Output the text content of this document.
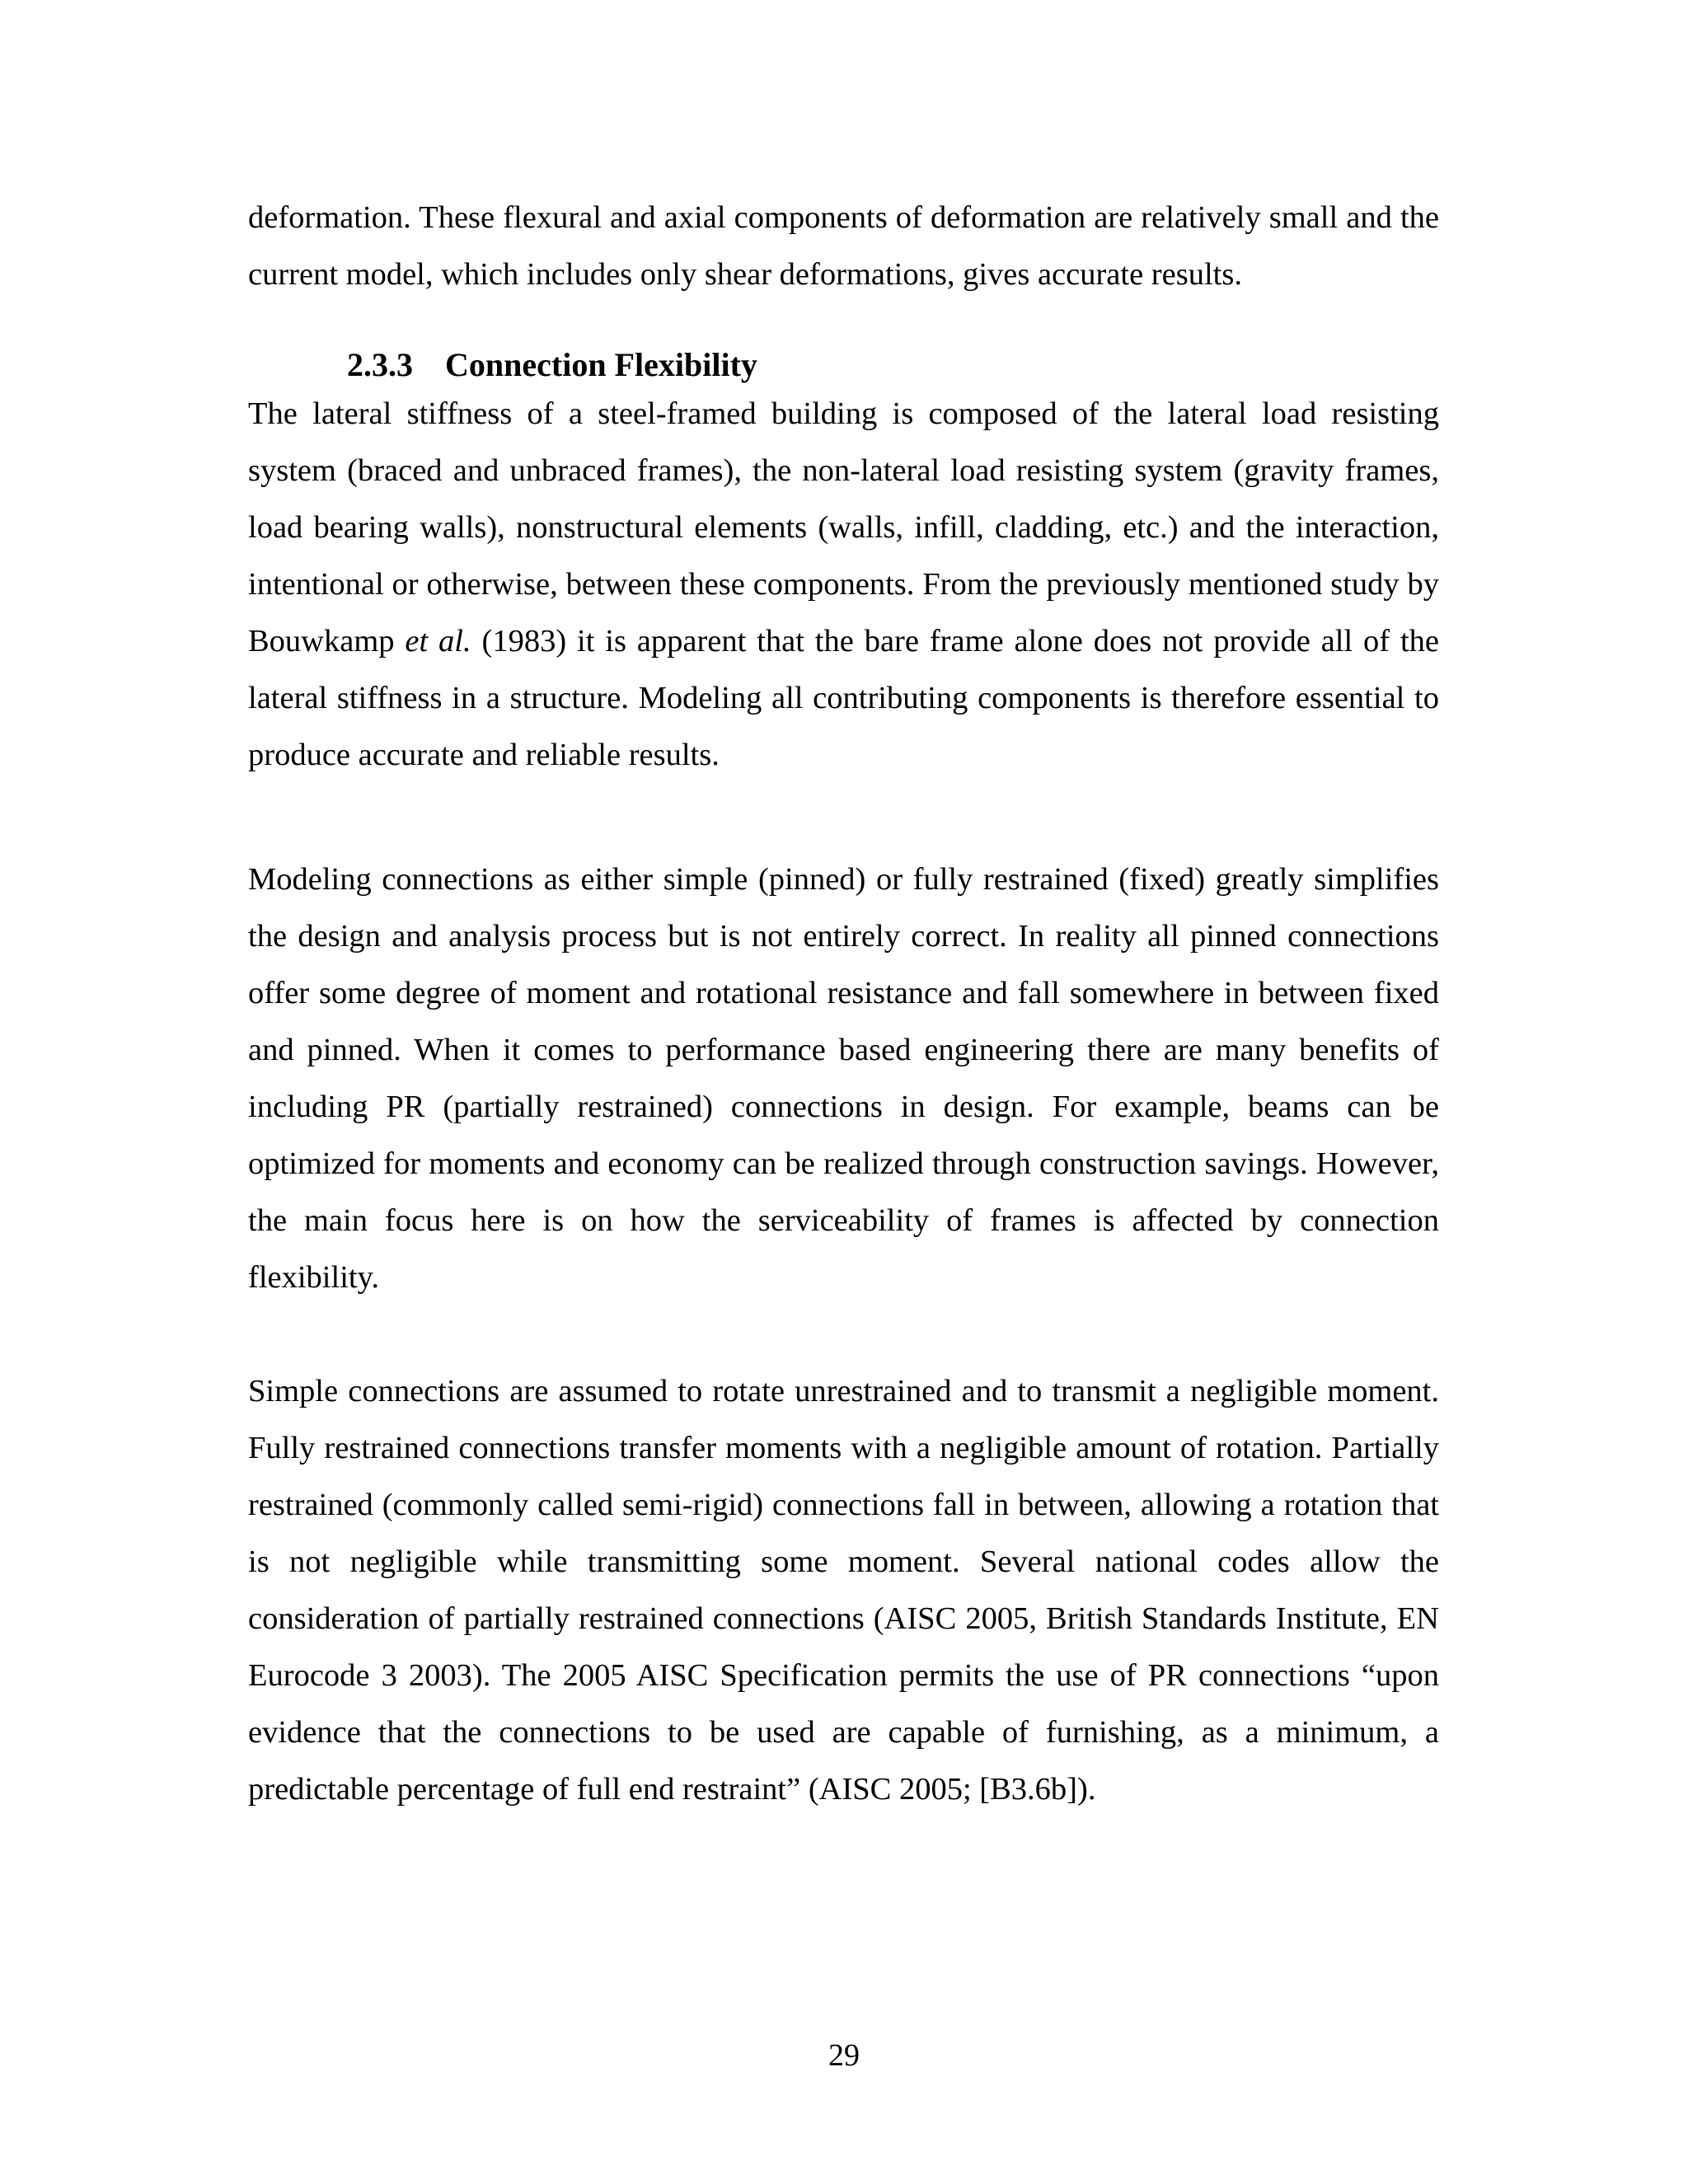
deformation. These flexural and axial components of deformation are relatively small and the current model, which includes only shear deformations, gives accurate results.

2.3.3 Connection Flexibility

The lateral stiffness of a steel-framed building is composed of the lateral load resisting system (braced and unbraced frames), the non-lateral load resisting system (gravity frames, load bearing walls), nonstructural elements (walls, infill, cladding, etc.) and the interaction, intentional or otherwise, between these components. From the previously mentioned study by Bouwkamp et al. (1983) it is apparent that the bare frame alone does not provide all of the lateral stiffness in a structure. Modeling all contributing components is therefore essential to produce accurate and reliable results.

Modeling connections as either simple (pinned) or fully restrained (fixed) greatly simplifies the design and analysis process but is not entirely correct. In reality all pinned connections offer some degree of moment and rotational resistance and fall somewhere in between fixed and pinned. When it comes to performance based engineering there are many benefits of including PR (partially restrained) connections in design. For example, beams can be optimized for moments and economy can be realized through construction savings. However, the main focus here is on how the serviceability of frames is affected by connection flexibility.

Simple connections are assumed to rotate unrestrained and to transmit a negligible moment. Fully restrained connections transfer moments with a negligible amount of rotation. Partially restrained (commonly called semi-rigid) connections fall in between, allowing a rotation that is not negligible while transmitting some moment. Several national codes allow the consideration of partially restrained connections (AISC 2005, British Standards Institute, EN Eurocode 3 2003). The 2005 AISC Specification permits the use of PR connections “upon evidence that the connections to be used are capable of furnishing, as a minimum, a predictable percentage of full end restraint” (AISC 2005; [B3.6b]).

29
